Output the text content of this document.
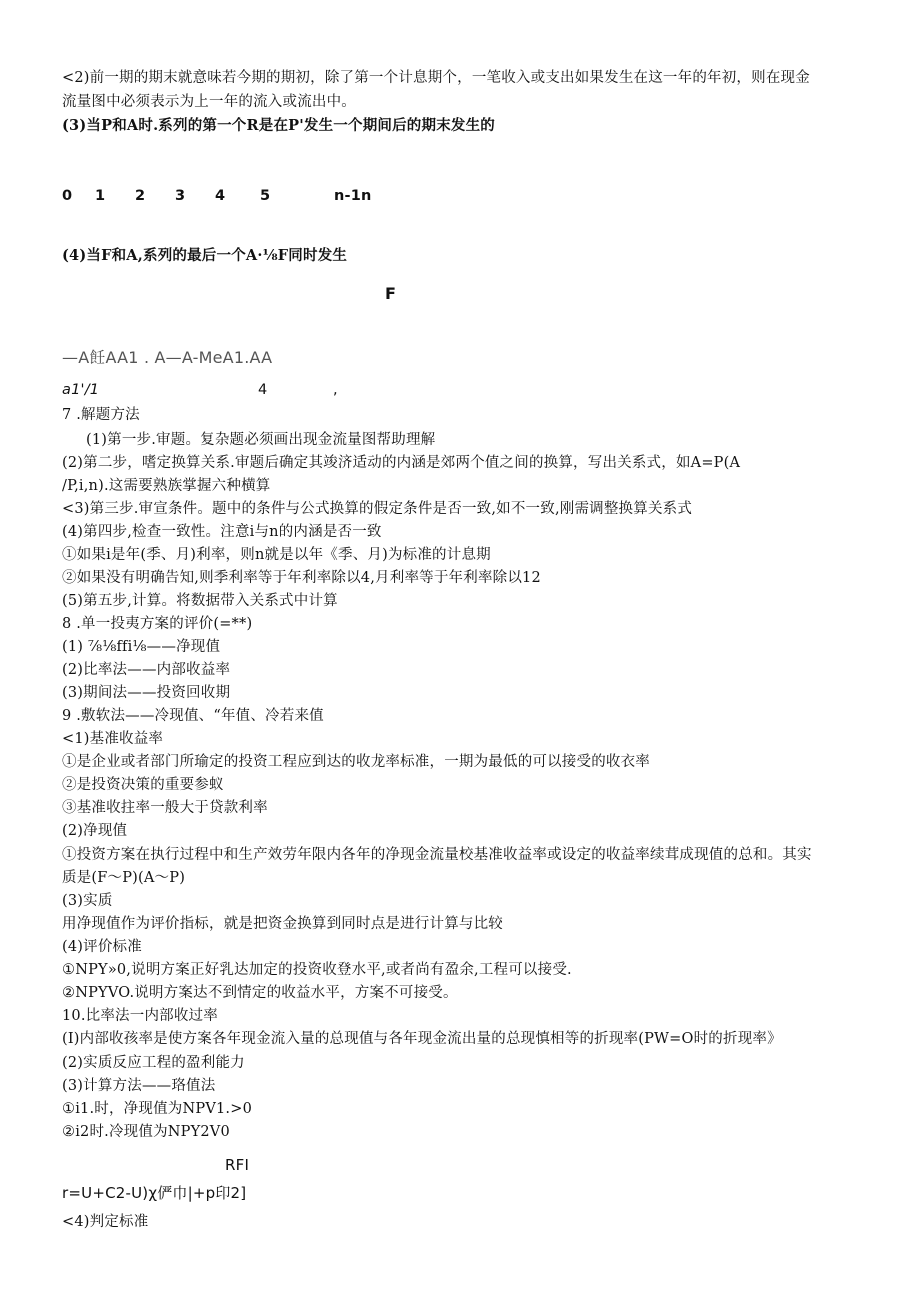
<2)前一期的期末就意味若今期的期初，除了第一个计息期个，一笔收入或支出如果发生在这一年的年初，则在现金
流量图中必须表示为上一年的流入或流出中。
(3)当P和A时.系列的第一个R是在P'发生一个期间后的期末发生的
0 1 2 3 4 5	n-1n
(4)当F和A,系列的最后一个A·⅛F同时发生
F
—A飪AA1 . A—A-MeA1.AA
a1'/1	4	,
7 .解题方法
(1)第一步.审题。复杂题必须画出现金流量图帮助理解
(2)第二步，嗜定换算关系.审题后确定其竣济适动的内涵是郊两个值之间的换算，写出关系式，如A=P(A
/P,i,n).这需要熟族掌握六种横算
<3)第三步.审宣条件。题中的条件与公式换算的假定条件是否一致,如不一致,刚需调整换算关系式
(4)第四步,检查一致性。注意i与n的内涵是否一致
①如果i是年(季、月)利率，则n就是以年《季、月)为标准的计息期
②如果没有明确告知,则季利率等于年利率除以4,月利率等于年利率除以12
(5)第五步,计算。将数据带入关系式中计算
8 .单一投夷方案的评价(=**)
(1) ⅞⅛ffi⅛——净现值
(2)比率法——内部收益率
(3)期间法——投资回收期
9 .敷软法——冷现值、“年值、冷若来值
<1)基准收益率
①是企业或者部门所瑜定的投资工程应到达的收龙率标准，一期为最低的可以接受的收衣率
②是投资决策的重要参蚁
③基准收拄率一般大于贷款利率
(2)净现值
①投资方案在执行过程中和生产效劳年限内各年的净现金流量校基准收益率或设定的收益率续茸成现值的总和。其实
质是(F〜P)(A〜P)
(3)实质
用净现值作为评价指标，就是把资金换算到同时点是进行计算与比较
(4)评价标准
①NPY»0,说明方案正好乳达加定的投资收登水平,或者尚有盈余,工程可以接受.
②NPYVO.说明方案达不到情定的收益水平，方案不可接受。
10.比率法一内部收过率
(I)内部收孩率是使方案各年现金流入量的总现值与各年现金流出量的总现慎相等的折现率(PW=O时的折现率》
(2)实质反应工程的盈利能力
(3)计算方法——珞值法
①i1.时，净现值为NPV1.>0
②i2时.冷现值为NPY2V0
RFI
r=U+C2-U)χ俨巾|+p印2]
<4)判定标准
